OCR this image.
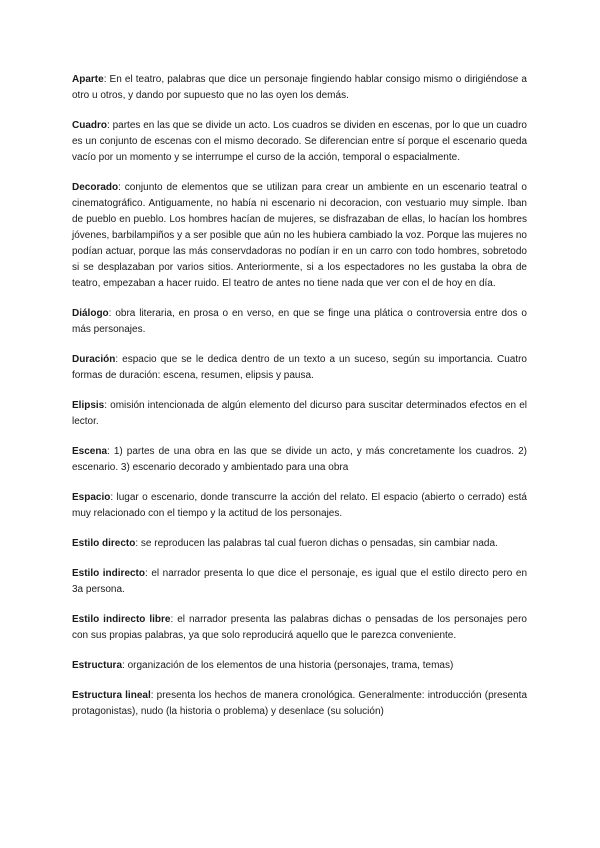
Aparte: En el teatro, palabras que dice un personaje fingiendo hablar consigo mismo o dirigiéndose a otro u otros, y dando por supuesto que no las oyen los demás.

Cuadro: partes en las que se divide un acto. Los cuadros se dividen en escenas, por lo que un cuadro es un conjunto de escenas con el mismo decorado. Se diferencian entre sí porque el escenario queda vacío por un momento y se interrumpe el curso de la acción, temporal o espacialmente.

Decorado: conjunto de elementos que se utilizan para crear un ambiente en un escenario teatral o cinematográfico. Antiguamente, no había ni escenario ni decoracion, con vestuario muy simple. Iban de pueblo en pueblo. Los hombres hacían de mujeres, se disfrazaban de ellas, lo hacían los hombres jóvenes, barbilampiños y a ser posible que aún no les hubiera cambiado la voz. Porque las mujeres no podían actuar, porque las más conservdadoras no podían ir en un carro con todo hombres, sobretodo si se desplazaban por varios sitios. Anteriormente, si a los espectadores no les gustaba la obra de teatro, empezaban a hacer ruido. El teatro de antes no tiene nada que ver con el de hoy en día.

Diálogo: obra literaria, en prosa o en verso, en que se finge una plática o controversia entre dos o más personajes.

Duración: espacio que se le dedica dentro de un texto a un suceso, según su importancia. Cuatro formas de duración: escena, resumen, elipsis y pausa.

Elipsis: omisión intencionada de algún elemento del dicurso para suscitar determinados efectos en el lector.

Escena: 1) partes de una obra en las que se divide un acto, y más concretamente los cuadros. 2) escenario. 3) escenario decorado y ambientado para una obra

Espacio: lugar o escenario, donde transcurre la acción del relato. El espacio (abierto o cerrado) está muy relacionado con el tiempo y la actitud de los personajes.

Estilo directo: se reproducen las palabras tal cual fueron dichas o pensadas, sin cambiar nada.

Estilo indirecto: el narrador presenta lo que dice el personaje, es igual que el estilo directo pero en 3a persona.

Estilo indirecto libre: el narrador presenta las palabras dichas o pensadas de los personajes pero con sus propias palabras, ya que solo reproducirá aquello que le parezca conveniente.

Estructura: organización de los elementos de una historia (personajes, trama, temas)

Estructura lineal: presenta los hechos de manera cronológica. Generalmente: introducción (presenta protagonistas), nudo (la historia o problema) y desenlace (su solución)
